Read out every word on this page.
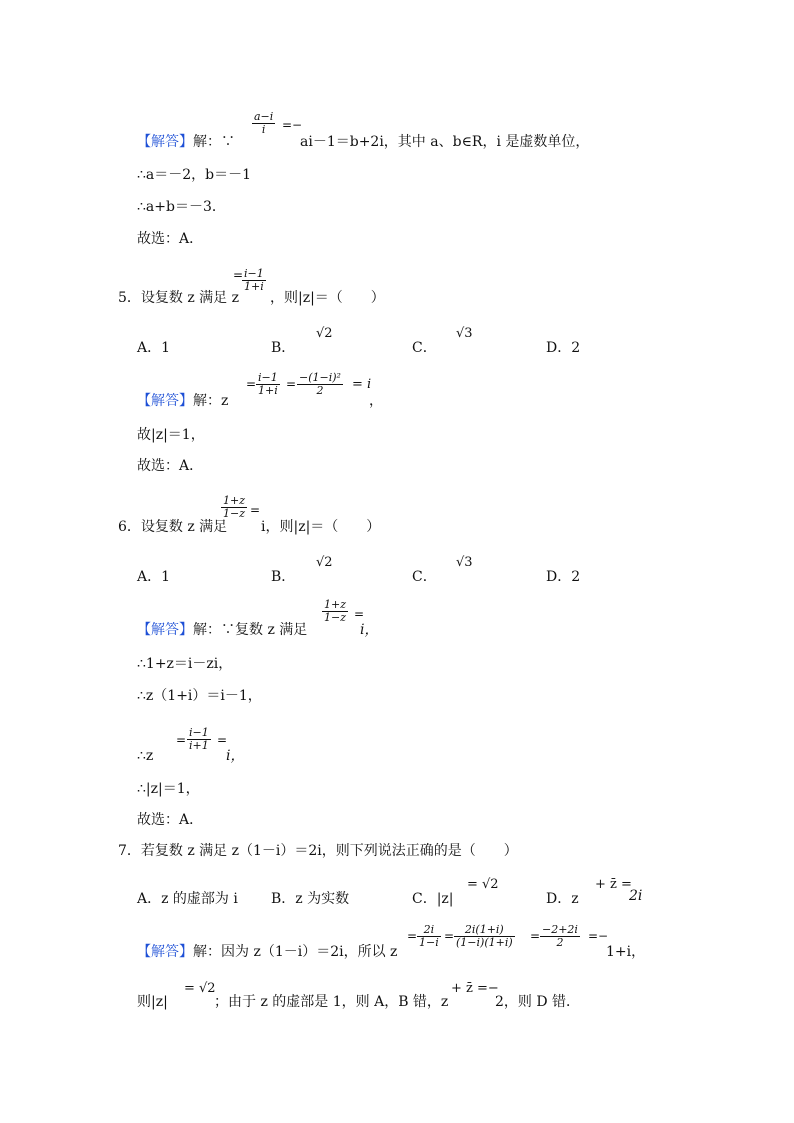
【解答】解：∵
$\frac{a-i}{i}$ =−
ai－1＝b+2i，其中 a、b∈R，i 是虚数单位，
∴a＝－2，b＝－1
∴a+b＝－3．
故选：A．
5．设复数 z 满足 z
=
$\frac{i-1}{1+i}$
，则|z|＝（　　）
A．1	B．
√2
C．
√3
D．2
【解答】解：z
= $\frac{i-1}{1+i} = \frac{\text{−(1−i)²}}{2} = i$
，
故|z|＝1，
故选：A．
6．设复数 z 满足
$\frac{1+z}{1-z}$ =
i，则|z|＝（　　）
A．1	B．
√2
C．
√3
D．2
【解答】解：∵复数 z 满足
$\frac{1+z}{1-z}$ =
i，
∴1+z＝i－zi，
∴z（1+i）＝i－1，
∴z
= $\frac{i-1}{i+1}$ =
i，
∴|z|＝1，
故选：A．
7．若复数 z 满足 z（1－i）＝2i，则下列说法正确的是（　　）
A．z 的虚部为 i B．z 为实数	C．|z|
= √2
D．z
+ z̄ =
2i
【解答】解：因为 z（1－i）＝2i，所以 z
= $\frac{2i}{1-i} = \frac{2i(1+i)}{(1-i)(1+i)} = \frac{-2+2i}{2}$ =−
1+i，
则|z|
= √2
；由于 z 的虚部是 1，则 A，B 错，z
+ z̄ =−
2，则 D 错．
